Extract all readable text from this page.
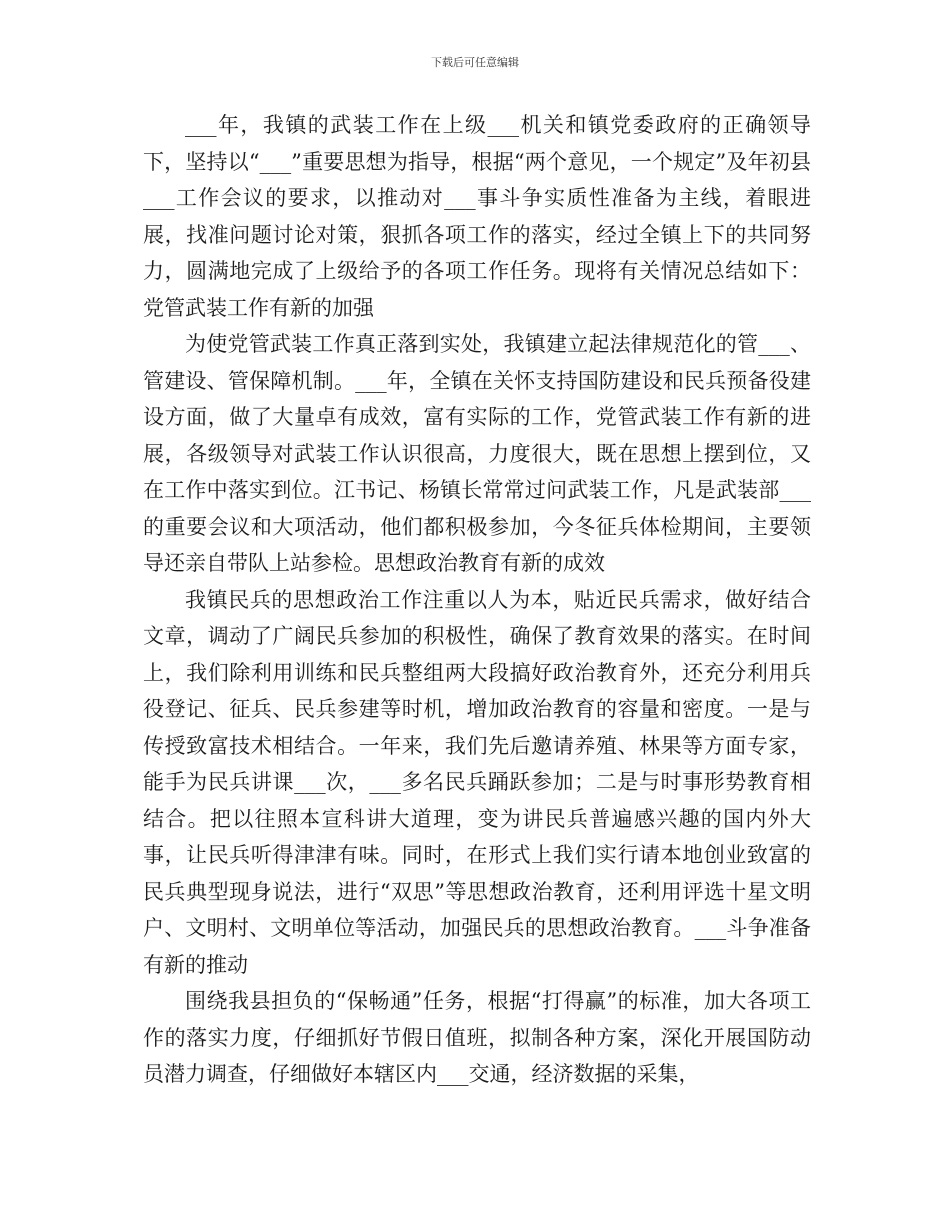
下载后可任意编辑

___年，我镇的武装工作在上级___机关和镇党委政府的正确领导下，坚持以“___”重要思想为指导，根据“两个意见，一个规定”及年初县___工作会议的要求，以推动对___事斗争实质性准备为主线，着眼进展，找准问题讨论对策，狠抓各项工作的落实，经过全镇上下的共同努力，圆满地完成了上级给予的各项工作任务。现将有关情况总结如下：党管武装工作有新的加强

为使党管武装工作真正落到实处，我镇建立起法律规范化的管___、管建设、管保障机制。___年，全镇在关怀支持国防建设和民兵预备役建设方面，做了大量卓有成效，富有实际的工作，党管武装工作有新的进展，各级领导对武装工作认识很高，力度很大，既在思想上摆到位，又在工作中落实到位。江书记、杨镇长常常过问武装工作，凡是武装部___的重要会议和大项活动，他们都积极参加，今冬征兵体检期间，主要领导还亲自带队上站参检。思想政治教育有新的成效

我镇民兵的思想政治工作注重以人为本，贴近民兵需求，做好结合文章，调动了广阔民兵参加的积极性，确保了教育效果的落实。在时间上，我们除利用训练和民兵整组两大段搞好政治教育外，还充分利用兵役登记、征兵、民兵参建等时机，增加政治教育的容量和密度。一是与传授致富技术相结合。一年来，我们先后邀请养殖、林果等方面专家，能手为民兵讲课___次，___多名民兵踊跃参加；二是与时事形势教育相结合。把以往照本宣科讲大道理，变为讲民兵普遍感兴趣的国内外大事，让民兵听得津津有味。同时，在形式上我们实行请本地创业致富的民兵典型现身说法，进行“双思”等思想政治教育，还利用评选十星文明户、文明村、文明单位等活动，加强民兵的思想政治教育。___斗争准备有新的推动

围绕我县担负的“保畅通”任务，根据“打得赢”的标准，加大各项工作的落实力度，仔细抓好节假日值班，拟制各种方案，深化开展国防动员潜力调查，仔细做好本辖区内___交通，经济数据的采集，
